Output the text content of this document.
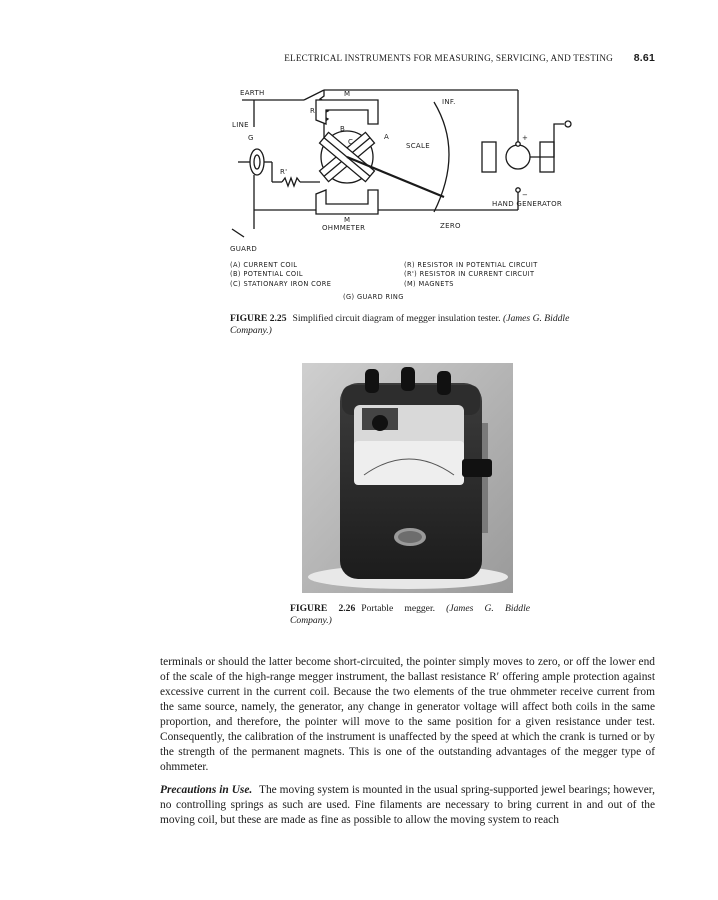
ELECTRICAL INSTRUMENTS FOR MEASURING, SERVICING, AND TESTING 8.61
EARTH
LINE
G
R
R'
M
M
B
C
A
OHMMETER
INF.
SCALE
ZERO
HAND GENERATOR
+
−
GUARD
(A) CURRENT COIL
(B) POTENTIAL COIL
(C) STATIONARY IRON CORE
(R) RESISTOR IN POTENTIAL CIRCUIT
(R') RESISTOR IN CURRENT CIRCUIT
(M) MAGNETS
(G) GUARD RING
FIGURE 2.25 Simplified circuit diagram of megger insulation tester. (James G. Biddle Company.)
FIGURE 2.26 Portable megger. (James G. Biddle Company.)

terminals or should the latter become short-circuited, the pointer simply moves to zero, or off the lower end of the scale of the high-range megger instrument, the ballast resistance R′ offering ample protection against excessive current in the current coil. Because the two elements of the true ohmmeter receive current from the same source, namely, the generator, any change in generator voltage will affect both coils in the same proportion, and therefore, the pointer will move to the same position for a given resistance under test. Consequently, the calibration of the instrument is unaffected by the speed at which the crank is turned or by the strength of the permanent magnets. This is one of the outstanding advantages of the megger type of ohmmeter.

Precautions in Use. The moving system is mounted in the usual spring-supported jewel bearings; however, no controlling springs as such are used. Fine filaments are necessary to bring current in and out of the moving coil, but these are made as fine as possible to allow the moving system to reach
